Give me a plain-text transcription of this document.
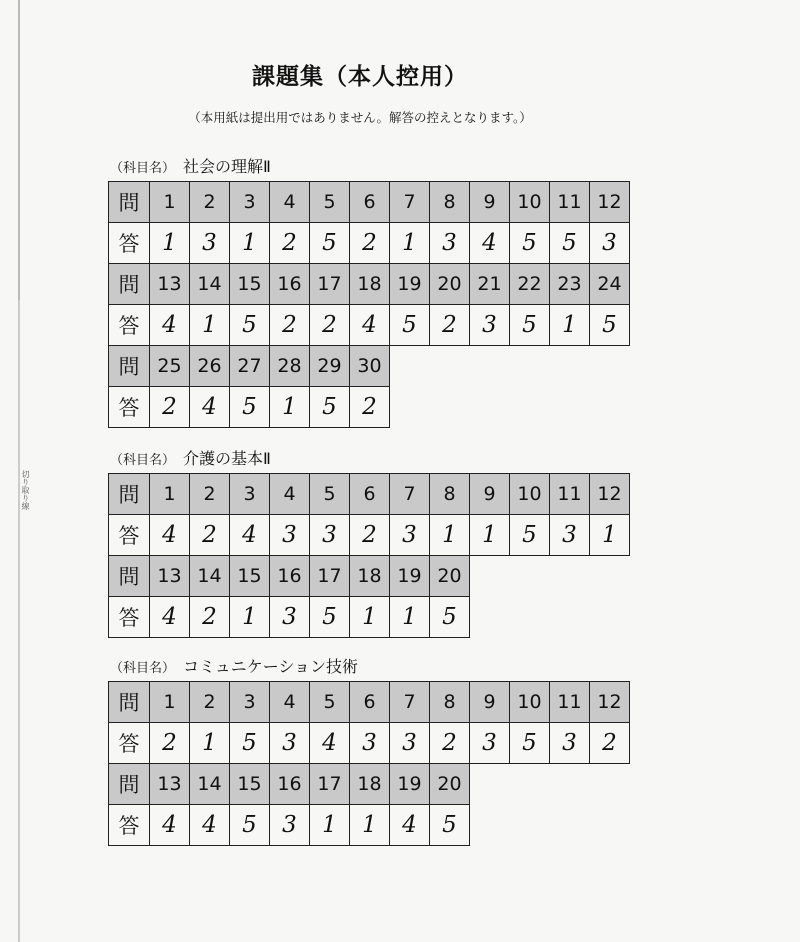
切り取り線
課題集（本人控用）
（本用紙は提出用ではありません。解答の控えとなります。）
（科目名） 社会の理解Ⅱ
問	1	2	3	4	5	6	7	8	9	10	11	12
答	1	3	1	2	5	2	1	3	4	5	5	3
問	13	14	15	16	17	18	19	20	21	22	23	24
答	4	1	5	2	2	4	5	2	3	5	1	5
問	25	26	27	28	29	30						
答	2	4	5	1	5	2						
（科目名） 介護の基本Ⅱ
問	1	2	3	4	5	6	7	8	9	10	11	12
答	4	2	4	3	3	2	3	1	1	5	3	1
問	13	14	15	16	17	18	19	20				
答	4	2	1	3	5	1	1	5				
（科目名） コミュニケーション技術
問	1	2	3	4	5	6	7	8	9	10	11	12
答	2	1	5	3	4	3	3	2	3	5	3	2
問	13	14	15	16	17	18	19	20				
答	4	4	5	3	1	1	4	5				
